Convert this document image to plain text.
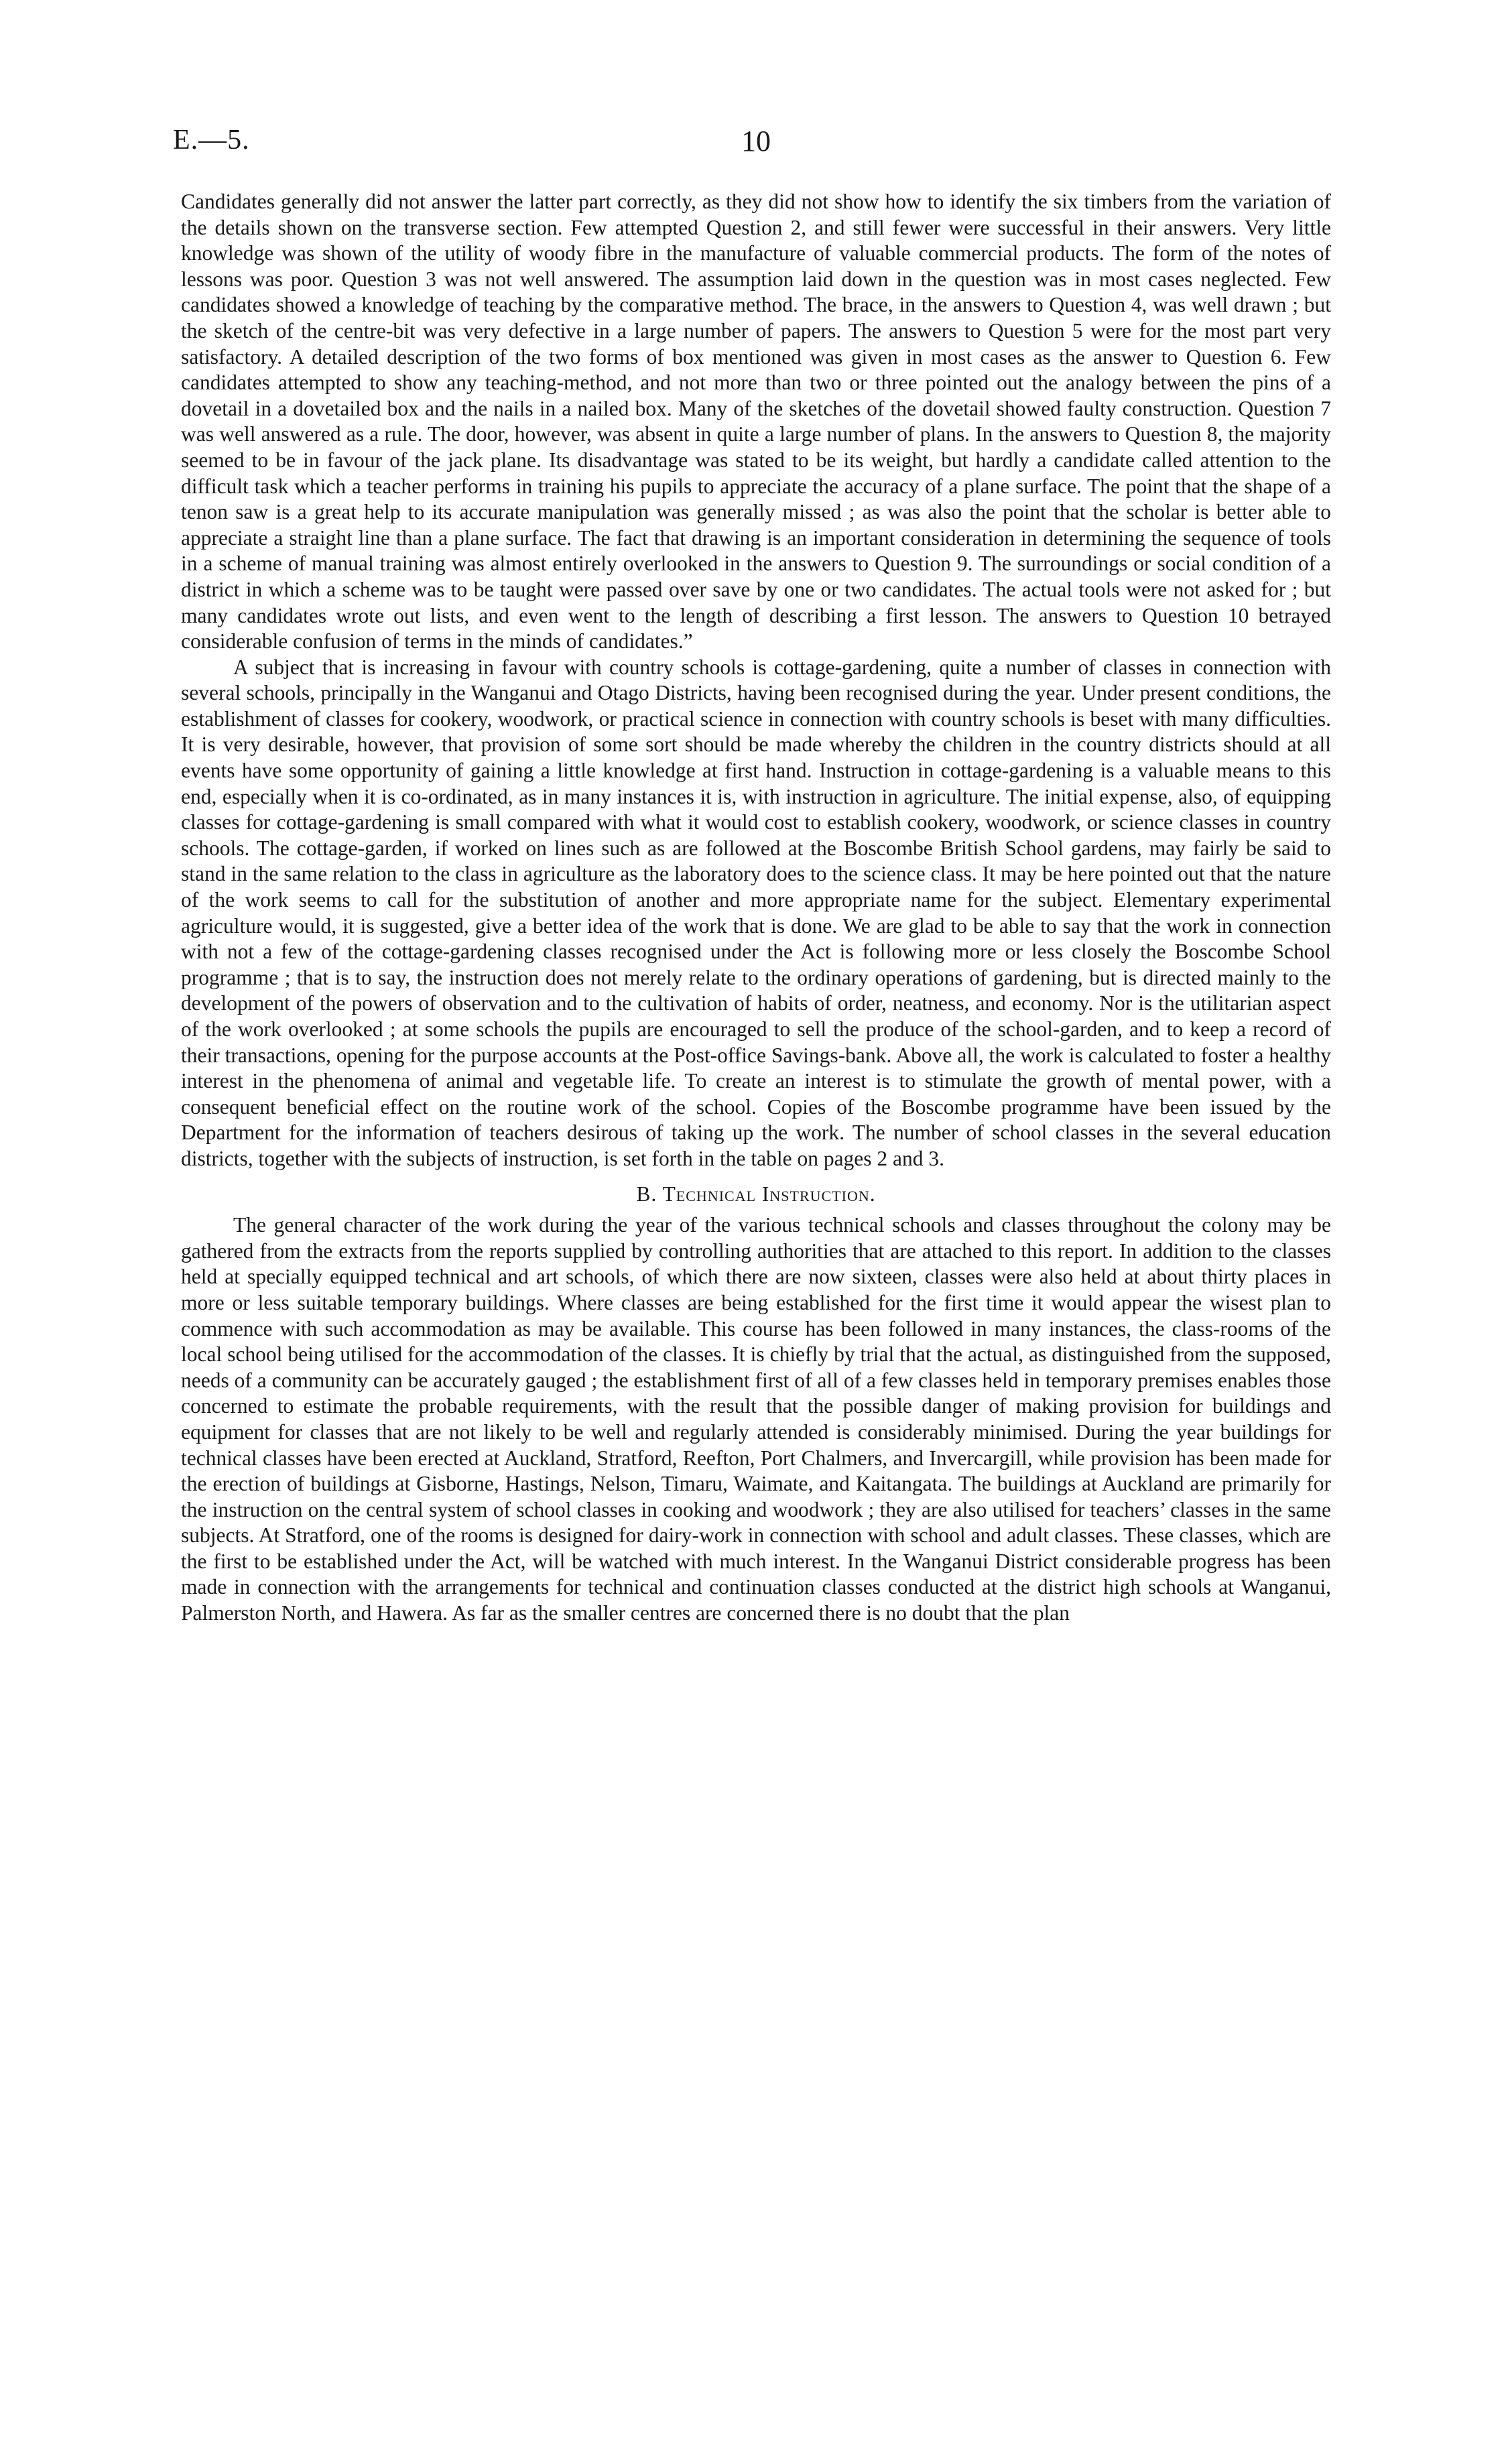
E.—5.	10

Candidates generally did not answer the latter part correctly, as they did not show how to identify the six timbers from the variation of the details shown on the transverse section. Few attempted Question 2, and still fewer were successful in their answers. Very little knowledge was shown of the utility of woody fibre in the manufacture of valuable commercial products. The form of the notes of lessons was poor. Question 3 was not well answered. The assumption laid down in the question was in most cases neglected. Few candidates showed a knowledge of teaching by the comparative method. The brace, in the answers to Question 4, was well drawn ; but the sketch of the centre-bit was very defective in a large number of papers. The answers to Question 5 were for the most part very satisfactory. A detailed description of the two forms of box mentioned was given in most cases as the answer to Question 6. Few candidates attempted to show any teaching-method, and not more than two or three pointed out the analogy between the pins of a dovetail in a dovetailed box and the nails in a nailed box. Many of the sketches of the dovetail showed faulty construction. Question 7 was well answered as a rule. The door, however, was absent in quite a large number of plans. In the answers to Question 8, the majority seemed to be in favour of the jack plane. Its disadvantage was stated to be its weight, but hardly a candidate called attention to the difficult task which a teacher performs in training his pupils to appreciate the accuracy of a plane surface. The point that the shape of a tenon saw is a great help to its accurate manipulation was generally missed ; as was also the point that the scholar is better able to appreciate a straight line than a plane surface. The fact that drawing is an important consideration in determining the sequence of tools in a scheme of manual training was almost entirely overlooked in the answers to Question 9. The surroundings or social condition of a district in which a scheme was to be taught were passed over save by one or two candidates. The actual tools were not asked for ; but many candidates wrote out lists, and even went to the length of describing a first lesson. The answers to Question 10 betrayed considerable confusion of terms in the minds of candidates.”

A subject that is increasing in favour with country schools is cottage-gardening, quite a number of classes in connection with several schools, principally in the Wanganui and Otago Districts, having been recognised during the year. Under present conditions, the establishment of classes for cookery, woodwork, or practical science in connection with country schools is beset with many difficulties. It is very desirable, however, that provision of some sort should be made whereby the children in the country districts should at all events have some opportunity of gaining a little knowledge at first hand. Instruction in cottage-gardening is a valuable means to this end, especially when it is co-ordinated, as in many instances it is, with instruction in agriculture. The initial expense, also, of equipping classes for cottage-gardening is small compared with what it would cost to establish cookery, woodwork, or science classes in country schools. The cottage-garden, if worked on lines such as are followed at the Boscombe British School gardens, may fairly be said to stand in the same relation to the class in agriculture as the laboratory does to the science class. It may be here pointed out that the nature of the work seems to call for the substitution of another and more appropriate name for the subject. Elementary experimental agriculture would, it is suggested, give a better idea of the work that is done. We are glad to be able to say that the work in connection with not a few of the cottage-gardening classes recognised under the Act is following more or less closely the Boscombe School programme ; that is to say, the instruction does not merely relate to the ordinary operations of gardening, but is directed mainly to the development of the powers of observation and to the cultivation of habits of order, neatness, and economy. Nor is the utilitarian aspect of the work overlooked ; at some schools the pupils are encouraged to sell the produce of the school-garden, and to keep a record of their transactions, opening for the purpose accounts at the Post-office Savings-bank. Above all, the work is calculated to foster a healthy interest in the phenomena of animal and vegetable life. To create an interest is to stimulate the growth of mental power, with a consequent beneficial effect on the routine work of the school. Copies of the Boscombe programme have been issued by the Department for the information of teachers desirous of taking up the work. The number of school classes in the several education districts, together with the subjects of instruction, is set forth in the table on pages 2 and 3.

B. Technical Instruction.

The general character of the work during the year of the various technical schools and classes throughout the colony may be gathered from the extracts from the reports supplied by controlling authorities that are attached to this report. In addition to the classes held at specially equipped technical and art schools, of which there are now sixteen, classes were also held at about thirty places in more or less suitable temporary buildings. Where classes are being established for the first time it would appear the wisest plan to commence with such accommodation as may be available. This course has been followed in many instances, the class-rooms of the local school being utilised for the accommodation of the classes. It is chiefly by trial that the actual, as distinguished from the supposed, needs of a community can be accurately gauged ; the establishment first of all of a few classes held in temporary premises enables those concerned to estimate the probable requirements, with the result that the possible danger of making provision for buildings and equipment for classes that are not likely to be well and regularly attended is considerably minimised. During the year buildings for technical classes have been erected at Auckland, Stratford, Reefton, Port Chalmers, and Invercargill, while provision has been made for the erection of buildings at Gisborne, Hastings, Nelson, Timaru, Waimate, and Kaitangata. The buildings at Auckland are primarily for the instruction on the central system of school classes in cooking and woodwork ; they are also utilised for teachers’ classes in the same subjects. At Stratford, one of the rooms is designed for dairy-work in connection with school and adult classes. These classes, which are the first to be established under the Act, will be watched with much interest. In the Wanganui District considerable progress has been made in connection with the arrangements for technical and continuation classes conducted at the district high schools at Wanganui, Palmerston North, and Hawera. As far as the smaller centres are concerned there is no doubt that the plan
